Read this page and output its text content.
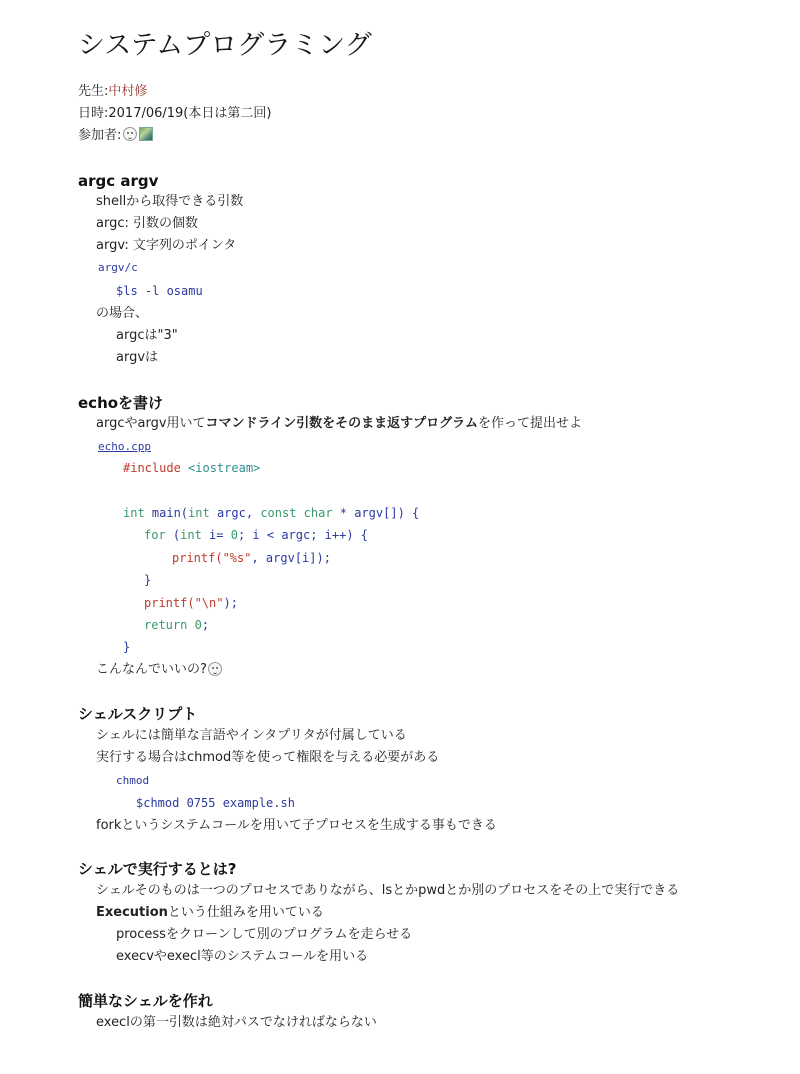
システムプログラミング
先生:中村修
日時:2017/06/19(本日は第二回)
参加者:
argc argv
shellから取得できる引数
argc: 引数の個数
argv: 文字列のポインタ
argv/c
$ls -l osamu
の場合、
argcは"3"
argvは
echoを書け
argcやargv用いてコマンドライン引数をそのまま返すプログラムを作って提出せよ
echo.cpp
#include <iostream>
int main(int argc, const char * argv[]) {
for (int i= 0; i < argc; i++) {
printf("%s", argv[i]);
}
printf("\n");
return 0;
}
こんなんでいいの?
シェルスクリプト
シェルには簡単な言語やインタプリタが付属している
実行する場合はchmod等を使って権限を与える必要がある
chmod
$chmod 0755 example.sh
forkというシステムコールを用いて子プロセスを生成する事もできる
シェルで実行するとは?
シェルそのものは一つのプロセスでありながら、lsとかpwdとか別のプロセスをその上で実行できる
Executionという仕組みを用いている
processをクローンして別のプログラムを走らせる
execvやexecl等のシステムコールを用いる
簡単なシェルを作れ
execlの第一引数は絶対パスでなければならない
